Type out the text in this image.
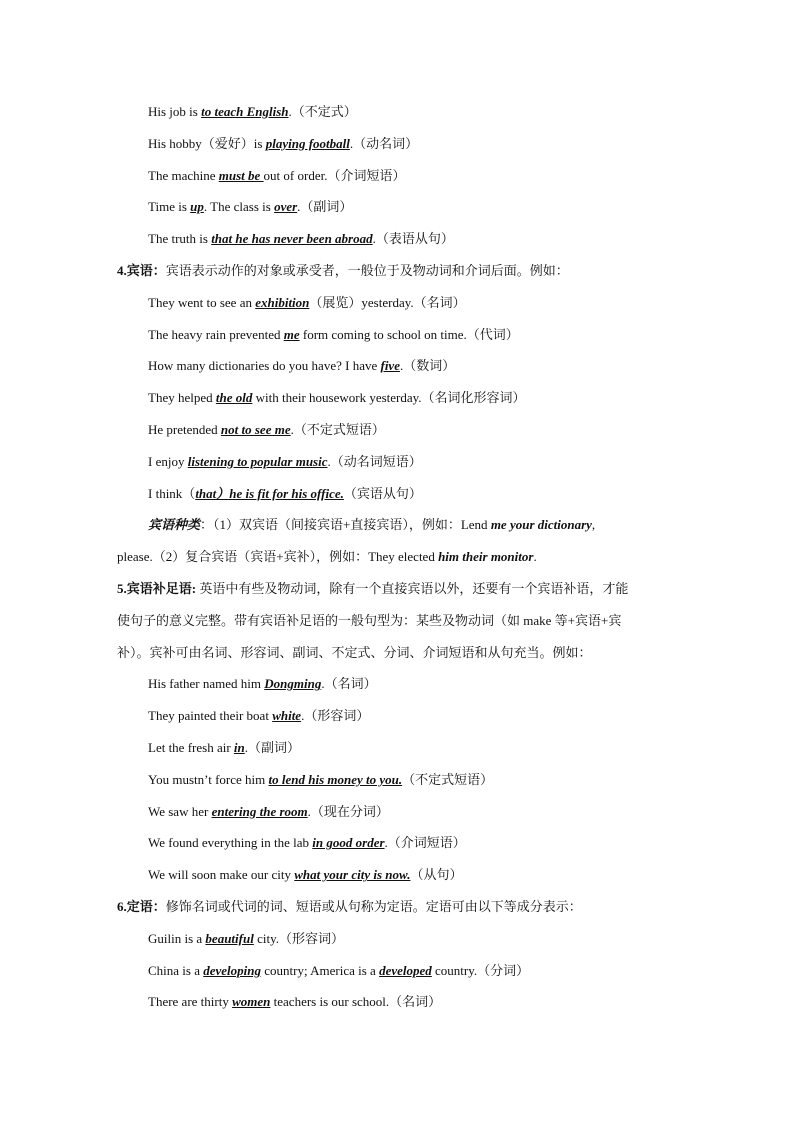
His job is to teach English.（不定式）
His hobby（爱好）is playing football.（动名词）
The machine must be out of order.（介词短语）
Time is up. The class is over.（副词）
The truth is that he has never been abroad.（表语从句）
4.宾语：宾语表示动作的对象或承受者，一般位于及物动词和介词后面。例如：
They went to see an exhibition（展览）yesterday.（名词）
The heavy rain prevented me form coming to school on time.（代词）
How many dictionaries do you have? I have five.（数词）
They helped the old with their housework yesterday.（名词化形容词）
He pretended not to see me.（不定式短语）
I enjoy listening to popular music.（动名词短语）
I think（that）he is fit for his office.（宾语从句）
宾语种类：（1）双宾语（间接宾语+直接宾语），例如：Lend me your dictionary,
please.（2）复合宾语（宾语+宾补），例如：They elected him their monitor.
5.宾语补足语: 英语中有些及物动词，除有一个直接宾语以外，还要有一个宾语补语，才能
使句子的意义完整。带有宾语补足语的一般句型为：某些及物动词（如 make 等+宾语+宾
补）。宾补可由名词、形容词、副词、不定式、分词、介词短语和从句充当。例如：
His father named him Dongming.（名词）
They painted their boat white.（形容词）
Let the fresh air in.（副词）
You mustn’t force him to lend his money to you.（不定式短语）
We saw her entering the room.（现在分词）
We found everything in the lab in good order.（介词短语）
We will soon make our city what your city is now.（从句）
6.定语：修饰名词或代词的词、短语或从句称为定语。定语可由以下等成分表示：
Guilin is a beautiful city.（形容词）
China is a developing country; America is a developed country.（分词）
There are thirty women teachers is our school.（名词）
